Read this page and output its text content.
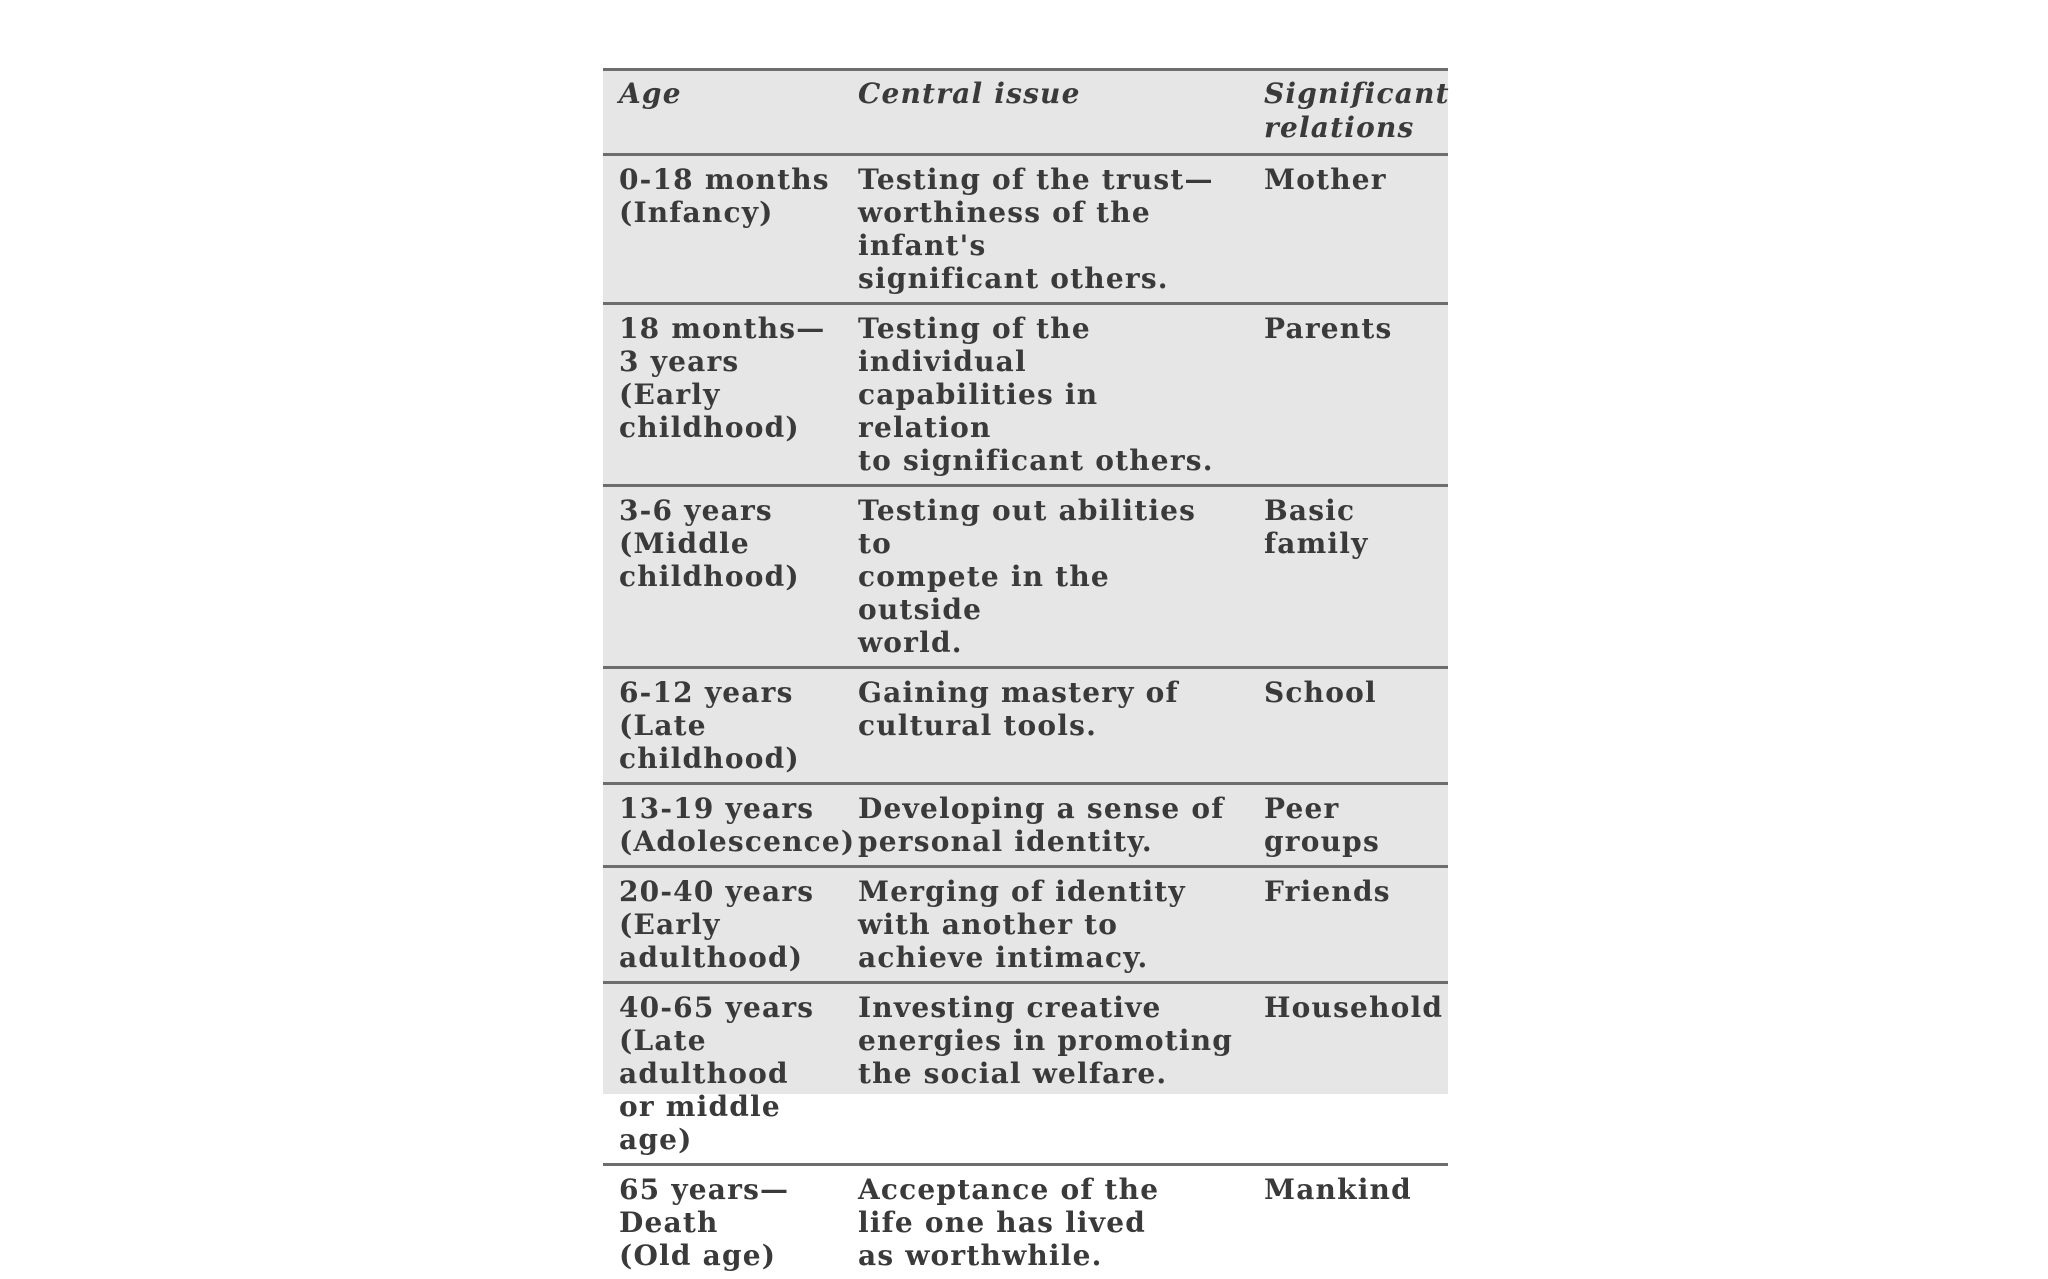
Age	Central issue	Significant
relations
0-18 months
(Infancy)	Testing of the trust—
worthiness of the infant's
significant others.	Mother
18 months—
3 years
(Early
childhood)	Testing of the individual
capabilities in relation
to significant others.	Parents
3-6 years
(Middle
childhood)	Testing out abilities to
compete in the outside
world.	Basic
family
6-12 years
(Late
childhood)	Gaining mastery of
cultural tools.	School
13-19 years
(Adolescence)	Developing a sense of
personal identity.	Peer groups
20-40 years
(Early
adulthood)	Merging of identity
with another to
achieve intimacy.	Friends
40-65 years
(Late
adulthood
or middle
age)	Investing creative
energies in promoting
the social welfare.	Household
65 years—
Death
(Old age)	Acceptance of the
life one has lived
as worthwhile.	Mankind
